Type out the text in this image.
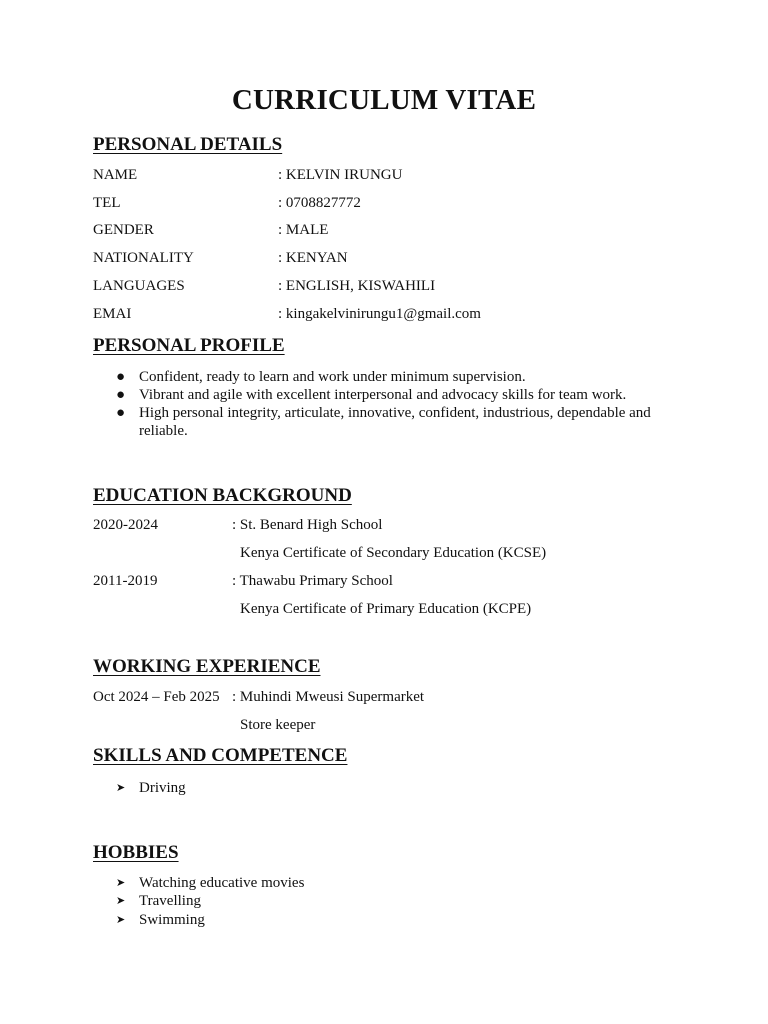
CURRICULUM VITAE
PERSONAL DETAILS
NAME	: KELVIN IRUNGU
TEL	: 0708827772
GENDER	: MALE
NATIONALITY	: KENYAN
LANGUAGES	: ENGLISH, KISWAHILI
EMAI	: kingakelvinirungu1@gmail.com
PERSONAL PROFILE
● Confident, ready to learn and work under minimum supervision.
● Vibrant and agile with excellent interpersonal and advocacy skills for team work.
● High personal integrity, articulate, innovative, confident, industrious, dependable and reliable.
EDUCATION BACKGROUND
2020-2024	: St. Benard High School
Kenya Certificate of Secondary Education (KCSE)
2011-2019	: Thawabu Primary School
Kenya Certificate of Primary Education (KCPE)
WORKING EXPERIENCE
Oct 2024 – Feb 2025 : Muhindi Mweusi Supermarket
Store keeper
SKILLS AND COMPETENCE
➤ Driving
HOBBIES
➤ Watching educative movies
➤ Travelling
➤ Swimming
